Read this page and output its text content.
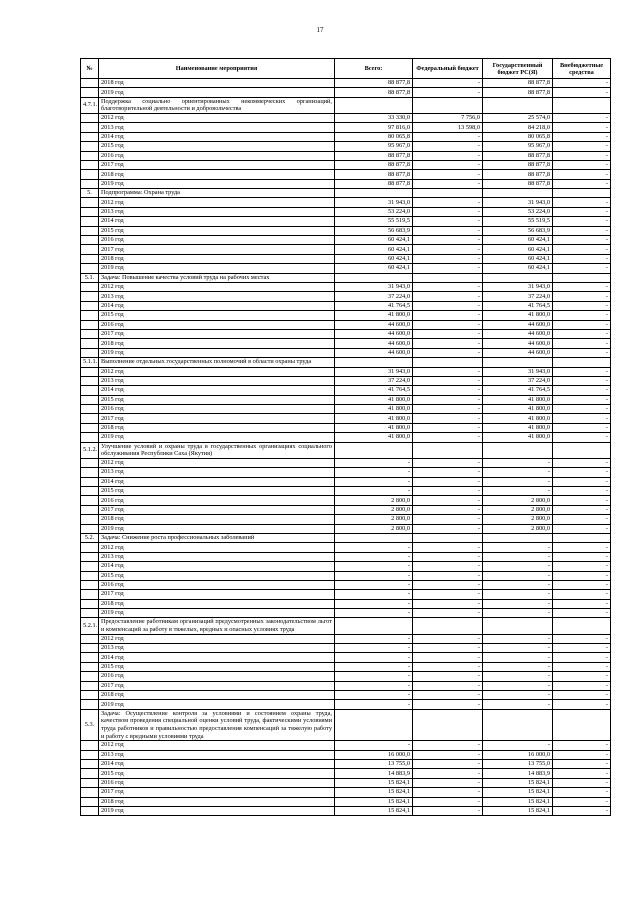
17
№	Наименование мероприятия	Всего:	Федеральный бюджет	Государственный бюджет РС(Я)	Внебюджетные средства
	2018 год	88 877,8	-	88 877,8	-
	2019 год	88 877,8	-	88 877,8	-
4.7.1.	Поддержка социально ориентированных некоммерческих организаций, благотворительной деятельности и добровольчества				
	2012 год	33 330,0	7 756,0	25 574,0	-
	2013 год	97 816,0	13 598,0	84 218,0	-
	2014 год	80 065,8	-	80 065,8	-
	2015 год	95 967,0	-	95 967,0	-
	2016 год	88 877,8	-	88 877,8	-
	2017 год	88 877,8	-	88 877,8	-
	2018 год	88 877,8	-	88 877,8	-
	2019 год	88 877,8	-	88 877,8	-
5.	Подпрограмма: Охрана труда				
	2012 год	31 943,0	-	31 943,0	-
	2013 год	53 224,0	-	53 224,0	-
	2014 год	55 519,5	-	55 519,5	-
	2015 год	56 683,9	-	56 683,9	-
	2016 год	60 424,1	-	60 424,1	-
	2017 год	60 424,1	-	60 424,1	-
	2018 год	60 424,1	-	60 424,1	-
	2019 год	60 424,1	-	60 424,1	-
5.1.	Задача: Повышение качества условий труда на рабочих местах				
	2012 год	31 943,0	-	31 943,0	-
	2013 год	37 224,0	-	37 224,0	-
	2014 год	41 764,5	-	41 764,5	-
	2015 год	41 800,0	-	41 800,0	-
	2016 год	44 600,0	-	44 600,0	-
	2017 год	44 600,0	-	44 600,0	-
	2018 год	44 600,0	-	44 600,0	-
	2019 год	44 600,0	-	44 600,0	-
5.1.1.	Выполнение отдельных государственных полномочий в области охраны труда				
	2012 год	31 943,0	-	31 943,0	-
	2013 год	37 224,0	-	37 224,0	-
	2014 год	41 764,5	-	41 764,5	-
	2015 год	41 800,0	-	41 800,0	-
	2016 год	41 800,0	-	41 800,0	-
	2017 год	41 800,0	-	41 800,0	-
	2018 год	41 800,0	-	41 800,0	-
	2019 год	41 800,0	-	41 800,0	-
5.1.2.	Улучшение условий и охраны труда в государственных организациях социального обслуживания Республики Саха (Якутия)				
	2012 год	-	-	-	-
	2013 год	-	-	-	-
	2014 год	-	-	-	-
	2015 год	-	-	-	-
	2016 год	2 800,0	-	2 800,0	-
	2017 год	2 800,0	-	2 800,0	-
	2018 год	2 800,0	-	2 800,0	-
	2019 год	2 800,0	-	2 800,0	-
5.2.	Задача: Снижение роста профессиональных заболеваний				
	2012 год	-	-	-	-
	2013 год	-	-	-	-
	2014 год	-	-	-	-
	2015 год	-	-	-	-
	2016 год	-	-	-	-
	2017 год	-	-	-	-
	2018 год	-	-	-	-
	2019 год	-	-	-	-
5.2.1.	Предоставление работникам организаций предусмотренных законодательством льгот и компенсаций за работу в тяжелых, вредных и опасных условиях труда				
	2012 год	-	-	-	-
	2013 год	-	-	-	-
	2014 год	-	-	-	-
	2015 год	-	-	-	-
	2016 год	-	-	-	-
	2017 год	-	-	-	-
	2018 год	-	-	-	-
	2019 год	-	-	-	-
5.3.	Задача: Осуществление контроля за условиями и состоянием охраны труда, качеством проведения специальной оценки условий труда, фактическими условиями труда работников и правильностью предоставления компенсаций за тяжелую работу и работу с вредными условиями труда				
	2012 год	-	-	-	-
	2013 год	16 000,0	-	16 000,0	-
	2014 год	13 755,0	-	13 755,0	-
	2015 год	14 883,9	-	14 883,9	-
	2016 год	15 824,1	-	15 824,1	-
	2017 год	15 824,1	-	15 824,1	-
	2018 год	15 824,1	-	15 824,1	-
	2019 год	15 824,1	-	15 824,1	-
